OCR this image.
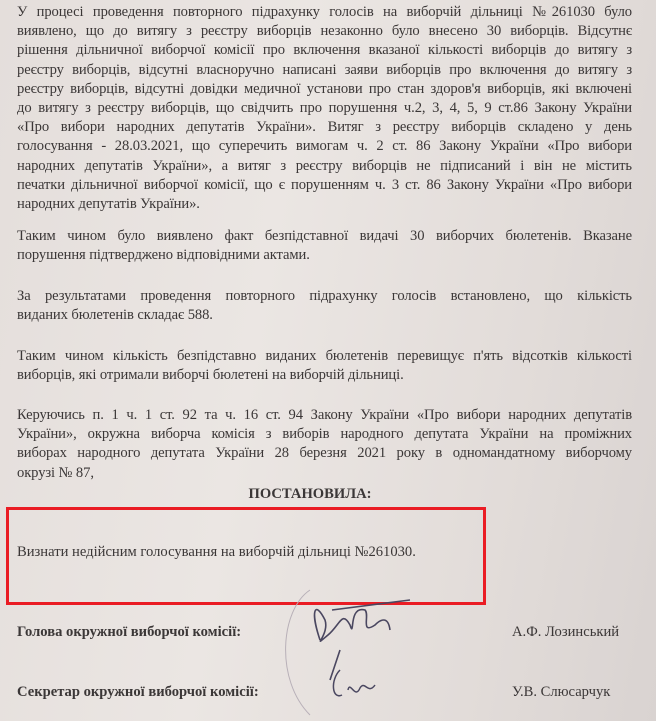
У процесі проведення повторного підрахунку голосів на виборчій дільниці №261030 було
виявлено, що до витягу з реєстру виборців незаконно було внесено 30 виборців. Відсутнє
рішення дільничної виборчої комісії про включення вказаної кількості виборців до витягу з
реєстру виборців, відсутні власноручно написані заяви виборців про включення до витягу з
реєстру виборців, відсутні довідки медичної установи про стан здоров'я виборців, які включені
до витягу з реєстру виборців, що свідчить про порушення ч.2, 3, 4, 5, 9 ст.86 Закону України
«Про вибори народних депутатів України». Витяг з реєстру виборців складено у день
голосування - 28.03.2021, що суперечить вимогам ч. 2 ст. 86 Закону України «Про вибори
народних депутатів України», а витяг з реєстру виборців не підписаний і він не містить
печатки дільничної виборчої комісії, що є порушенням ч. 3 ст. 86 Закону України «Про вибори
народних депутатів України».
Таким чином було виявлено факт безпідставної видачі 30 виборчих бюлетенів. Вказане
порушення підтверджено відповідними актами.
За результатами проведення повторного підрахунку голосів встановлено, що кількість
виданих бюлетенів складає 588.
Таким чином кількість безпідставно виданих бюлетенів перевищує п'ять відсотків кількості
виборців, які отримали виборчі бюлетені на виборчій дільниці.
Керуючись п. 1 ч. 1 ст. 92 та ч. 16 ст. 94 Закону України «Про вибори народних депутатів
України», окружна виборча комісія з виборів народного депутата України на проміжних
виборах народного депутата України 28 березня 2021 року в одномандатному виборчому
окрузі № 87,
ПОСТАНОВИЛА:
Визнати недійсним голосування на виборчій дільниці №261030.
Голова окружної виборчої комісії:	А.Ф. Лозинський
Секретар окружної виборчої комісії:	У.В. Слюсарчук
